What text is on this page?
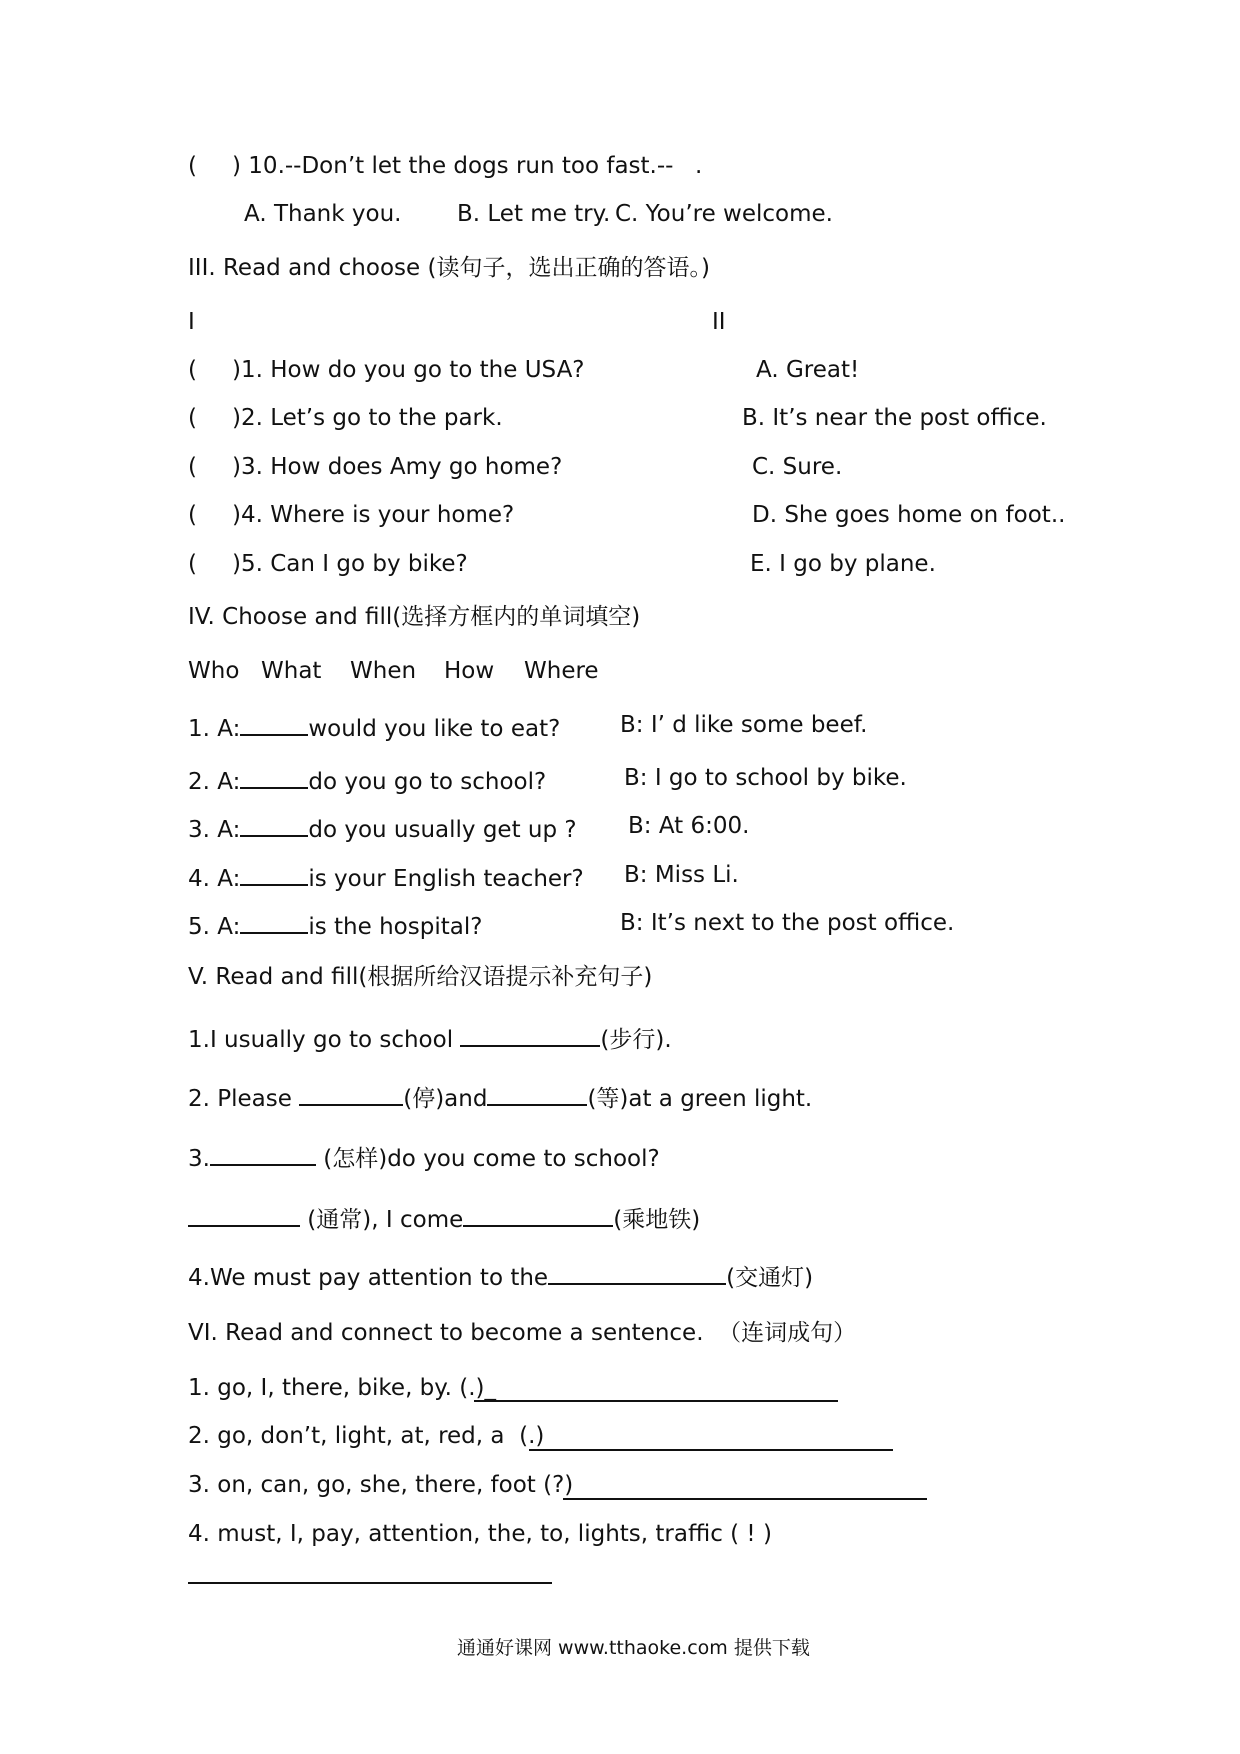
( ) 10.--Don’t let the dogs run too fast.-- .
A. Thank you. B. Let me try. C. You’re welcome.
III. Read and choose (读句子，选出正确的答语。)
I	II
( )1. How do you go to the USA?	A. Great!
( )2. Let’s go to the park.	B. It’s near the post office.
( )3. How does Amy go home?	C. Sure.
( )4. Where is your home?	D. She goes home on foot..
( )5. Can I go by bike?	E. I go by plane.
IV. Choose and fill(选择方框内的单词填空)
Who What When How Where
1. A:	would you like to eat?	B: I’ d like some beef.
2. A:	do you go to school?	B: I go to school by bike.
3. A:	do you usually get up ? B: At 6:00.
4. A:	is your English teacher? B: Miss Li.
5. A:	is the hospital?	B: It’s next to the post office.
V. Read and fill(根据所给汉语提示补充句子)
1.I usually go to school	(步行).
2. Please	(停)and	(等)at a green light.
3.	(怎样)do you come to school?
(通常), I come	(乘地铁)
4.We must pay attention to the	(交通灯)
VI. Read and connect to become a sentence.  （连词成句）
1. go, I, there, bike, by. (.)_
2. go, don’t, light, at, red, a  (.)
3. on, can, go, she, there, foot (?)
4. must, I, pay, attention, the, to, lights, traffic ( ! )
通通好课网 www.tthaoke.com 提供下载
